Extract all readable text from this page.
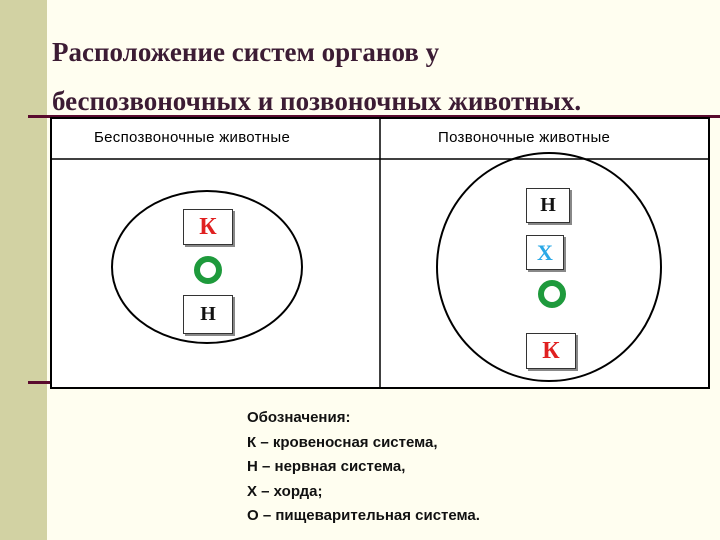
Расположение систем органов у
беспозвоночных и позвоночных животных.
Беспозвоночные животные	Позвоночные животные
К
Н
Н
Х
К
Обозначения:
К – кровеносная система,
Н – нервная система,
Х – хорда;
О – пищеварительная система.
